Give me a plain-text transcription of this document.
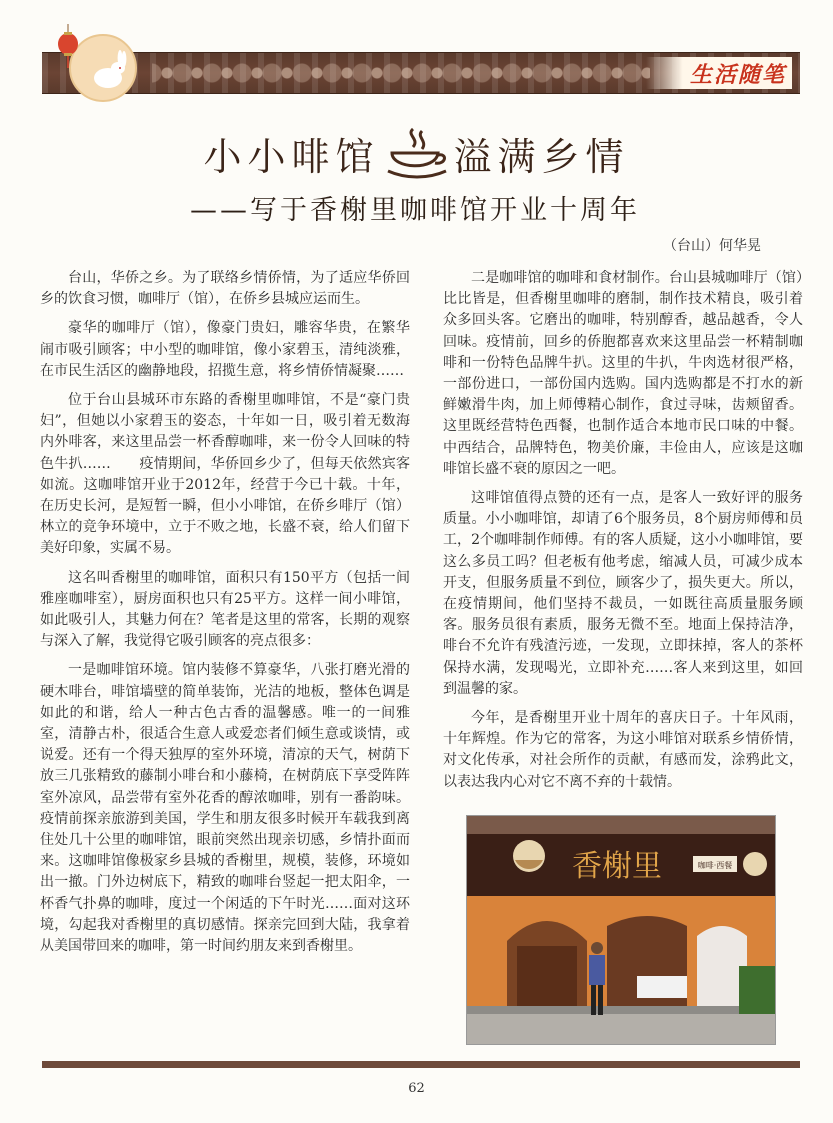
生活随笔
小小啡馆 溢满乡情
——写于香榭里咖啡馆开业十周年
（台山）何华晃

台山，华侨之乡。为了联络乡情侨情，为了适应华侨回乡的饮食习惯，咖啡厅（馆），在侨乡县城应运而生。

豪华的咖啡厅（馆），像豪门贵妇，雕容华贵，在繁华闹市吸引顾客；中小型的咖啡馆，像小家碧玉，清纯淡雅，在市民生活区的幽静地段，招揽生意，将乡情侨情凝聚……

位于台山县城环市东路的香榭里咖啡馆，不是“豪门贵妇”，但她以小家碧玉的姿态，十年如一日，吸引着无数海内外啡客，来这里品尝一杯香醇咖啡，来一份令人回味的特色牛扒……　　疫情期间，华侨回乡少了，但每天依然宾客如流。这咖啡馆开业于2012年，经营于今已十载。十年，在历史长河，是短暂一瞬，但小小啡馆，在侨乡啡厅（馆）林立的竞争环境中，立于不败之地，长盛不衰，给人们留下美好印象，实属不易。

这名叫香榭里的咖啡馆，面积只有150平方（包括一间雅座咖啡室），厨房面积也只有25平方。这样一间小啡馆，如此吸引人，其魅力何在？笔者是这里的常客，长期的观察与深入了解，我觉得它吸引顾客的亮点很多：

一是咖啡馆环境。馆内装修不算豪华，八张打磨光滑的硬木啡台，啡馆墙壁的简单装饰，光洁的地板，整体色调是如此的和谐，给人一种古色古香的温馨感。唯一的一间雅室，清静古朴，很适合生意人或爱恋者们倾生意或谈情，或说爱。还有一个得天独厚的室外环境，清凉的天气，树荫下放三几张精致的藤制小啡台和小藤椅，在树荫底下享受阵阵室外凉风，品尝带有室外花香的醇浓咖啡，别有一番韵味。疫情前探亲旅游到美国，学生和朋友很多时候开车载我到离住处几十公里的咖啡馆，眼前突然出现亲切感，乡情扑面而来。这咖啡馆像极家乡县城的香榭里，规模，装修，环境如出一撤。门外边树底下，精致的咖啡台竖起一把太阳伞，一杯香气扑鼻的咖啡，度过一个闲适的下午时光……面对这环境，勾起我对香榭里的真切感情。探亲完回到大陆，我拿着从美国带回来的咖啡，第一时间约朋友来到香榭里。

二是咖啡馆的咖啡和食材制作。台山县城咖啡厅（馆）比比皆是，但香榭里咖啡的磨制，制作技术精良，吸引着众多回头客。它磨出的咖啡，特别醇香，越品越香，令人回味。疫情前，回乡的侨胞都喜欢来这里品尝一杯精制咖啡和一份特色品牌牛扒。这里的牛扒，牛肉选材很严格，一部份进口，一部份国内选购。国内选购都是不打水的新鲜嫩滑牛肉，加上师傅精心制作，食过寻味，齿颊留香。这里既经营特色西餐，也制作适合本地市民口味的中餐。中西结合，品牌特色，物美价廉，丰俭由人，应该是这咖啡馆长盛不衰的原因之一吧。

这啡馆值得点赞的还有一点，是客人一致好评的服务质量。小小咖啡馆，却请了6个服务员，8个厨房师傅和员工，2个咖啡制作师傅。有的客人质疑，这小小咖啡馆，要这么多员工吗？但老板有他考虑，缩减人员，可减少成本开支，但服务质量不到位，顾客少了，损失更大。所以，在疫情期间，他们坚持不裁员，一如既往高质量服务顾客。服务员很有素质，服务无微不至。地面上保持洁净，啡台不允许有残渣污迹，一发现，立即抹掉，客人的茶杯保持水满，发现喝光，立即补充……客人来到这里，如回到温馨的家。

今年，是香榭里开业十周年的喜庆日子。十年风雨，十年辉煌。作为它的常客，为这小啡馆对联系乡情侨情，对文化传承，对社会所作的贡献，有感而发，涂鸦此文，以表达我内心对它不离不弃的十载情。

香榭里	咖啡·西餐
62
